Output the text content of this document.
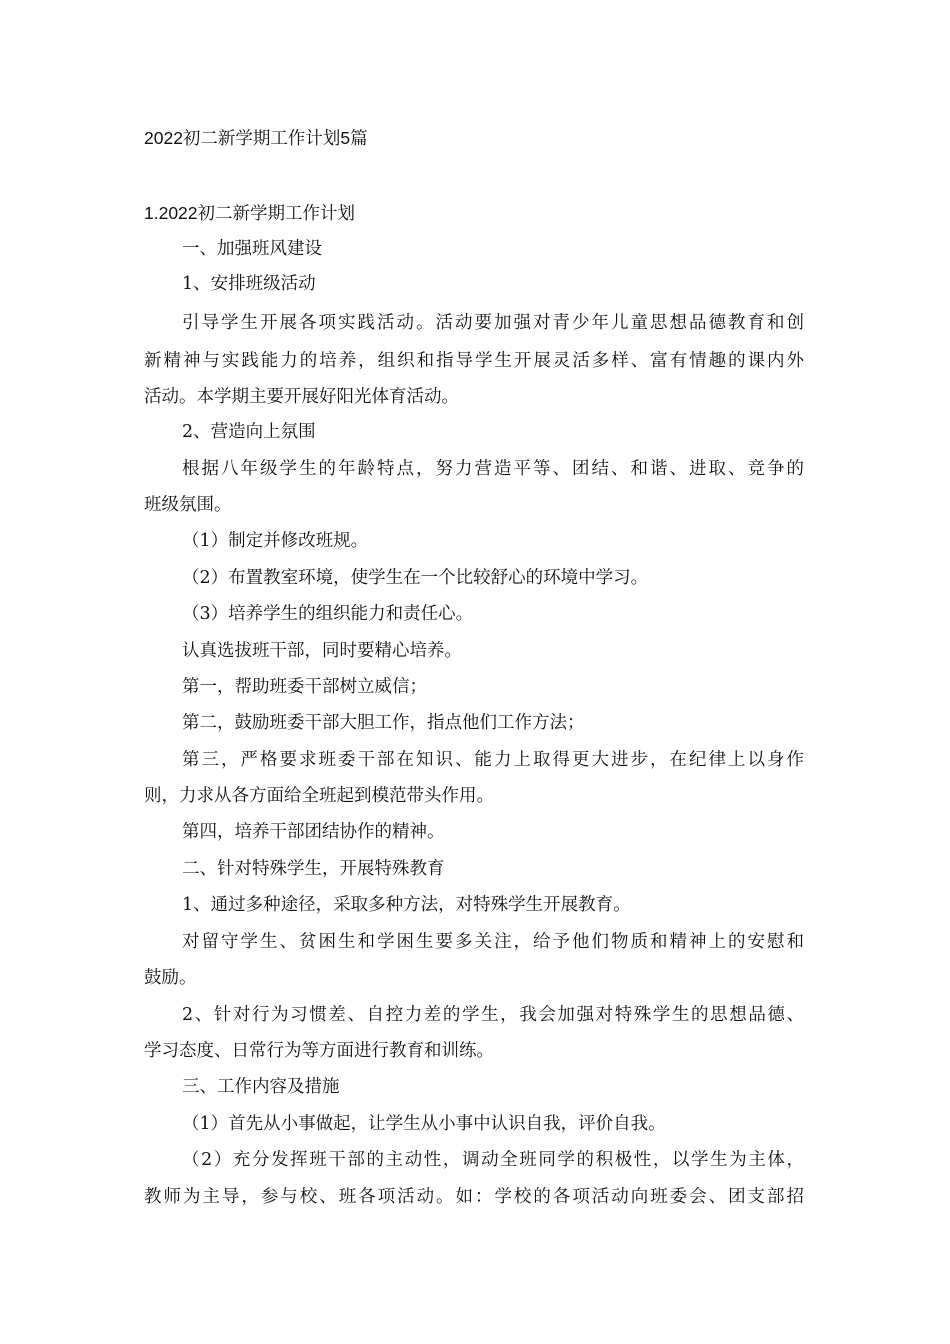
2022初二新学期工作计划5篇
1.2022初二新学期工作计划
一、加强班风建设
1、安排班级活动
引导学生开展各项实践活动。活动要加强对青少年儿童思想品德教育和创
新精神与实践能力的培养，组织和指导学生开展灵活多样、富有情趣的课内外
活动。本学期主要开展好阳光体育活动。
2、营造向上氛围
根据八年级学生的年龄特点，努力营造平等、团结、和谐、进取、竞争的
班级氛围。
（1）制定并修改班规。
（2）布置教室环境，使学生在一个比较舒心的环境中学习。
（3）培养学生的组织能力和责任心。
认真选拔班干部，同时要精心培养。
第一，帮助班委干部树立威信；
第二，鼓励班委干部大胆工作，指点他们工作方法；
第三，严格要求班委干部在知识、能力上取得更大进步，在纪律上以身作
则，力求从各方面给全班起到模范带头作用。
第四，培养干部团结协作的精神。
二、针对特殊学生，开展特殊教育
1、通过多种途径，采取多种方法，对特殊学生开展教育。
对留守学生、贫困生和学困生要多关注，给予他们物质和精神上的安慰和
鼓励。
2、针对行为习惯差、自控力差的学生，我会加强对特殊学生的思想品德、
学习态度、日常行为等方面进行教育和训练。
三、工作内容及措施
（1）首先从小事做起，让学生从小事中认识自我，评价自我。
（2）充分发挥班干部的主动性，调动全班同学的积极性，以学生为主体，
教师为主导，参与校、班各项活动。如：学校的各项活动向班委会、团支部招
